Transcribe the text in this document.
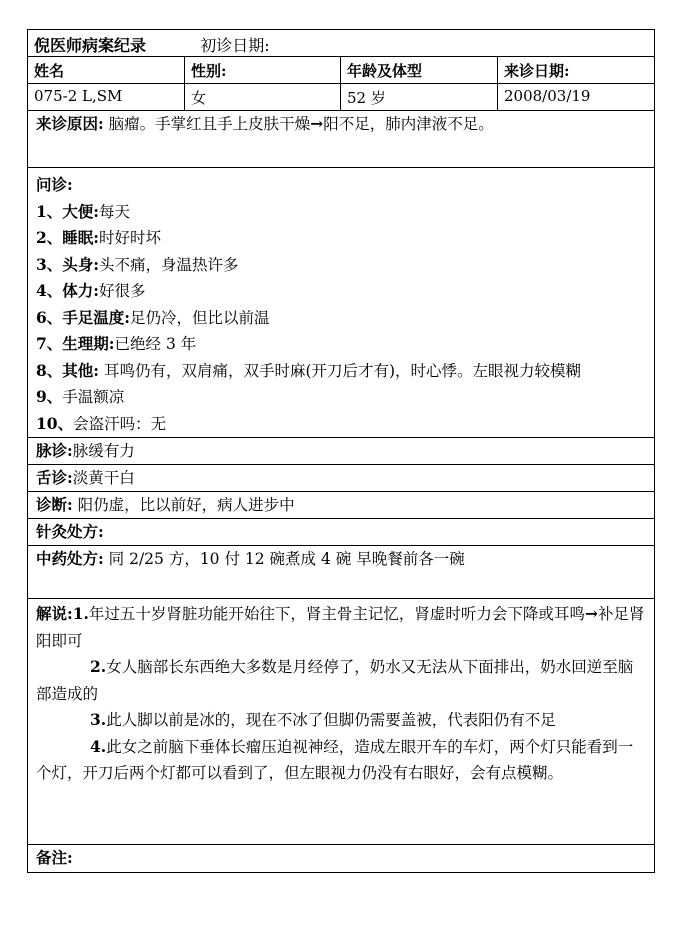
倪医师病案纪录	初诊日期:
姓名	性别:	年龄及体型	来诊日期:
075-2 L,SM	女	52 岁	2008/03/19
来诊原因: 脑瘤。手掌红且手上皮肤干燥→阳不足，肺内津液不足。
问诊:
1、大便:每天
2、睡眠:时好时坏
3、头身:头不痛，身温热许多
4、体力:好很多
6、手足温度:足仍冷，但比以前温
7、生理期:已绝经 3 年
8、其他: 耳鸣仍有，双肩痛，双手时麻(开刀后才有)，时心悸。左眼视力较模糊
9、手温额凉
10、会盗汗吗：无
脉诊:脉缓有力
舌诊:淡黄干白
诊断: 阳仍虚，比以前好，病人进步中
针灸处方:
中药处方: 同 2/25 方，10 付 12 碗煮成 4 碗 早晚餐前各一碗
解说:1.年过五十岁肾脏功能开始往下，肾主骨主记忆，肾虚时听力会下降或耳鸣→补足肾阳即可
2.女人脑部长东西绝大多数是月经停了，奶水又无法从下面排出，奶水回逆至脑部造成的
3.此人脚以前是冰的，现在不冰了但脚仍需要盖被，代表阳仍有不足
4.此女之前脑下垂体长瘤压迫视神经，造成左眼开车的车灯，两个灯只能看到一个灯，开刀后两个灯都可以看到了，但左眼视力仍没有右眼好，会有点模糊。
备注:
